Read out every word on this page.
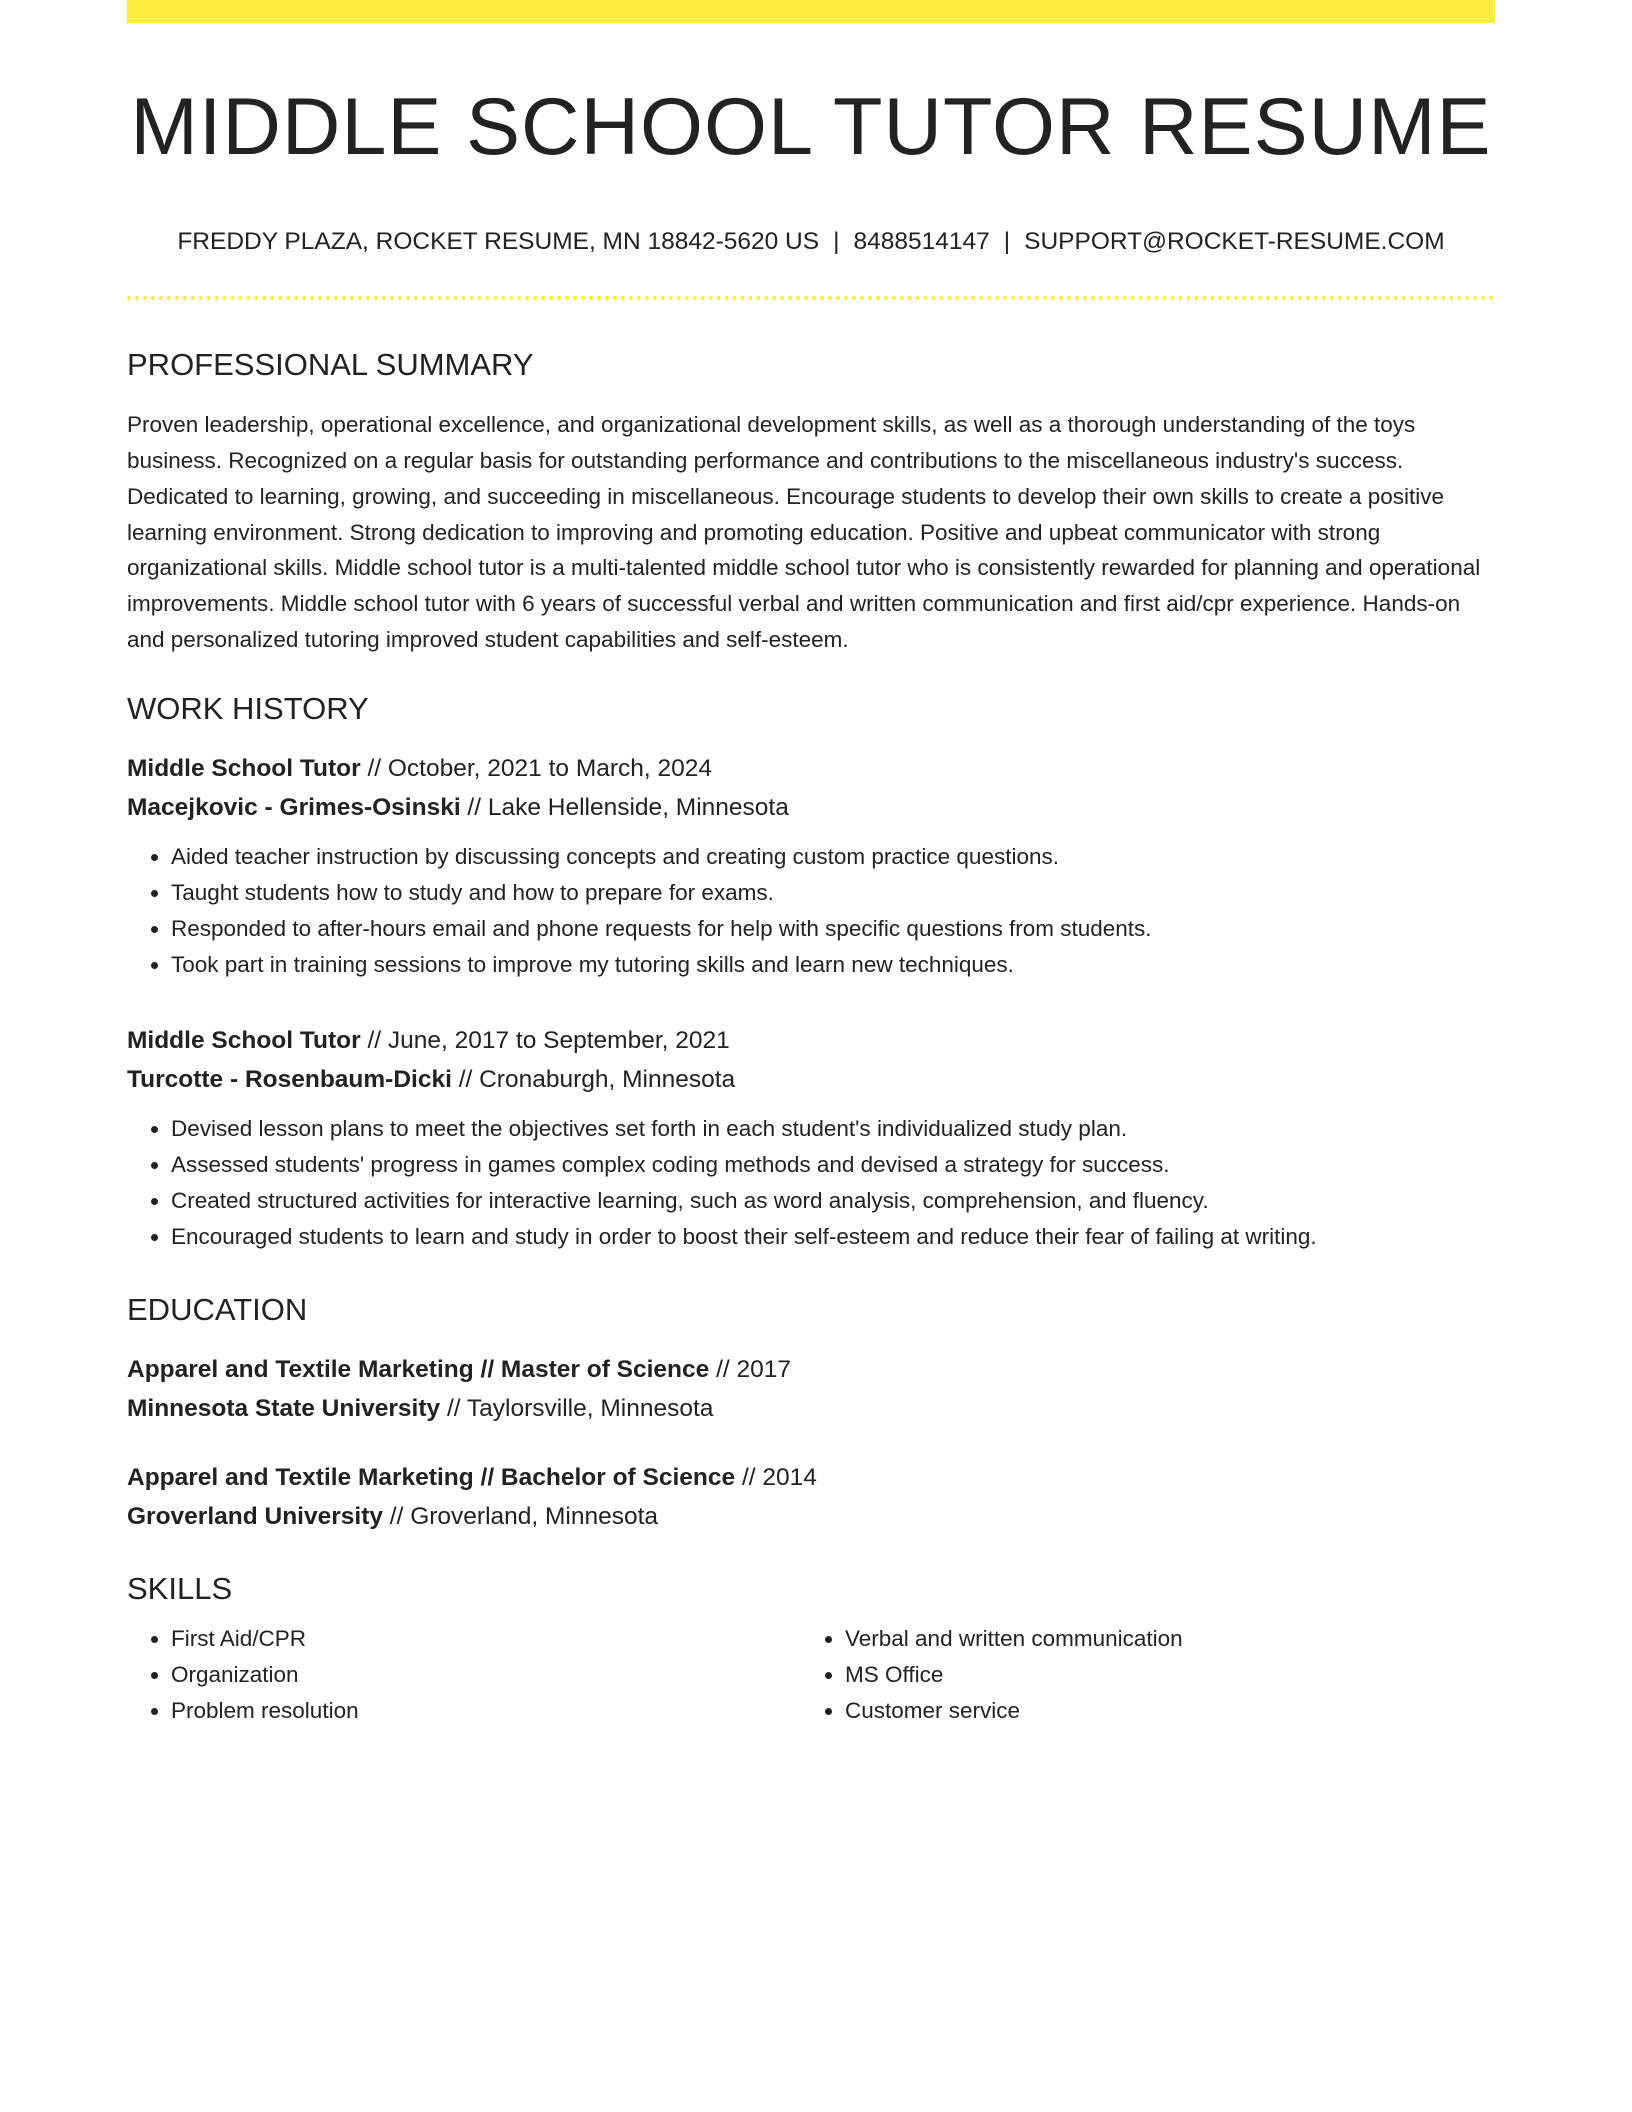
MIDDLE SCHOOL TUTOR RESUME
FREDDY PLAZA, ROCKET RESUME, MN 18842-5620 US | 8488514147 | SUPPORT@ROCKET-RESUME.COM
PROFESSIONAL SUMMARY
Proven leadership, operational excellence, and organizational development skills, as well as a thorough understanding of the toys business. Recognized on a regular basis for outstanding performance and contributions to the miscellaneous industry's success. Dedicated to learning, growing, and succeeding in miscellaneous. Encourage students to develop their own skills to create a positive learning environment. Strong dedication to improving and promoting education. Positive and upbeat communicator with strong organizational skills. Middle school tutor is a multi-talented middle school tutor who is consistently rewarded for planning and operational improvements. Middle school tutor with 6 years of successful verbal and written communication and first aid/cpr experience. Hands-on and personalized tutoring improved student capabilities and self-esteem.
WORK HISTORY
Middle School Tutor // October, 2021 to March, 2024
Macejkovic - Grimes-Osinski // Lake Hellenside, Minnesota
• Aided teacher instruction by discussing concepts and creating custom practice questions.
• Taught students how to study and how to prepare for exams.
• Responded to after-hours email and phone requests for help with specific questions from students.
• Took part in training sessions to improve my tutoring skills and learn new techniques.
Middle School Tutor // June, 2017 to September, 2021
Turcotte - Rosenbaum-Dicki // Cronaburgh, Minnesota
• Devised lesson plans to meet the objectives set forth in each student's individualized study plan.
• Assessed students' progress in games complex coding methods and devised a strategy for success.
• Created structured activities for interactive learning, such as word analysis, comprehension, and fluency.
• Encouraged students to learn and study in order to boost their self-esteem and reduce their fear of failing at writing.
EDUCATION
Apparel and Textile Marketing // Master of Science // 2017
Minnesota State University // Taylorsville, Minnesota
Apparel and Textile Marketing // Bachelor of Science // 2014
Groverland University // Groverland, Minnesota
SKILLS
• First Aid/CPR
• Organization
• Problem resolution
• Verbal and written communication
• MS Office
• Customer service
